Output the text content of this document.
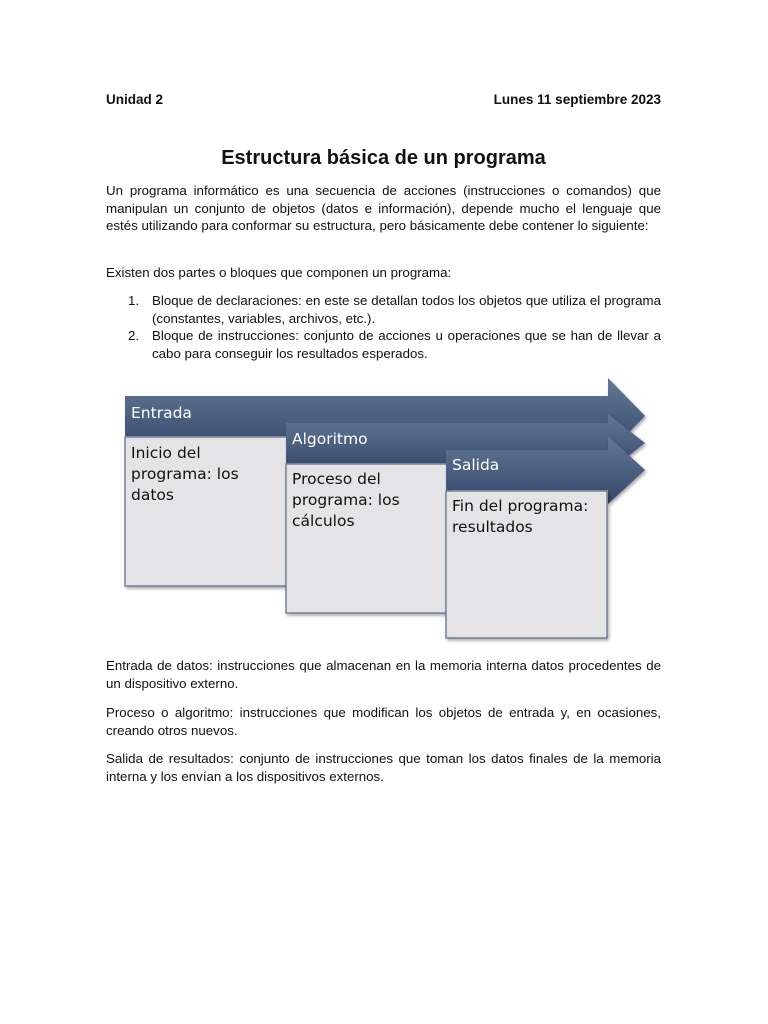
Entrada
Algoritmo
Salida
Inicio del programa: los datos
Proceso del programa: los cálculos
Fin del programa: resultados
Unidad 2	Lunes 11 septiembre 2023
Estructura básica de un programa

Un programa informático es una secuencia de acciones (instrucciones o comandos) que manipulan un conjunto de objetos (datos e información), depende mucho el lenguaje que estés utilizando para conformar su estructura, pero básicamente debe contener lo siguiente:

Existen dos partes o bloques que componen un programa:

1. Bloque de declaraciones: en este se detallan todos los objetos que utiliza el programa (constantes, variables, archivos, etc.).
2. Bloque de instrucciones: conjunto de acciones u operaciones que se han de llevar a cabo para conseguir los resultados esperados.

Entrada de datos: instrucciones que almacenan en la memoria interna datos procedentes de un dispositivo externo.

Proceso o algoritmo: instrucciones que modifican los objetos de entrada y, en ocasiones, creando otros nuevos.

Salida de resultados: conjunto de instrucciones que toman los datos finales de la memoria interna y los envían a los dispositivos externos.
